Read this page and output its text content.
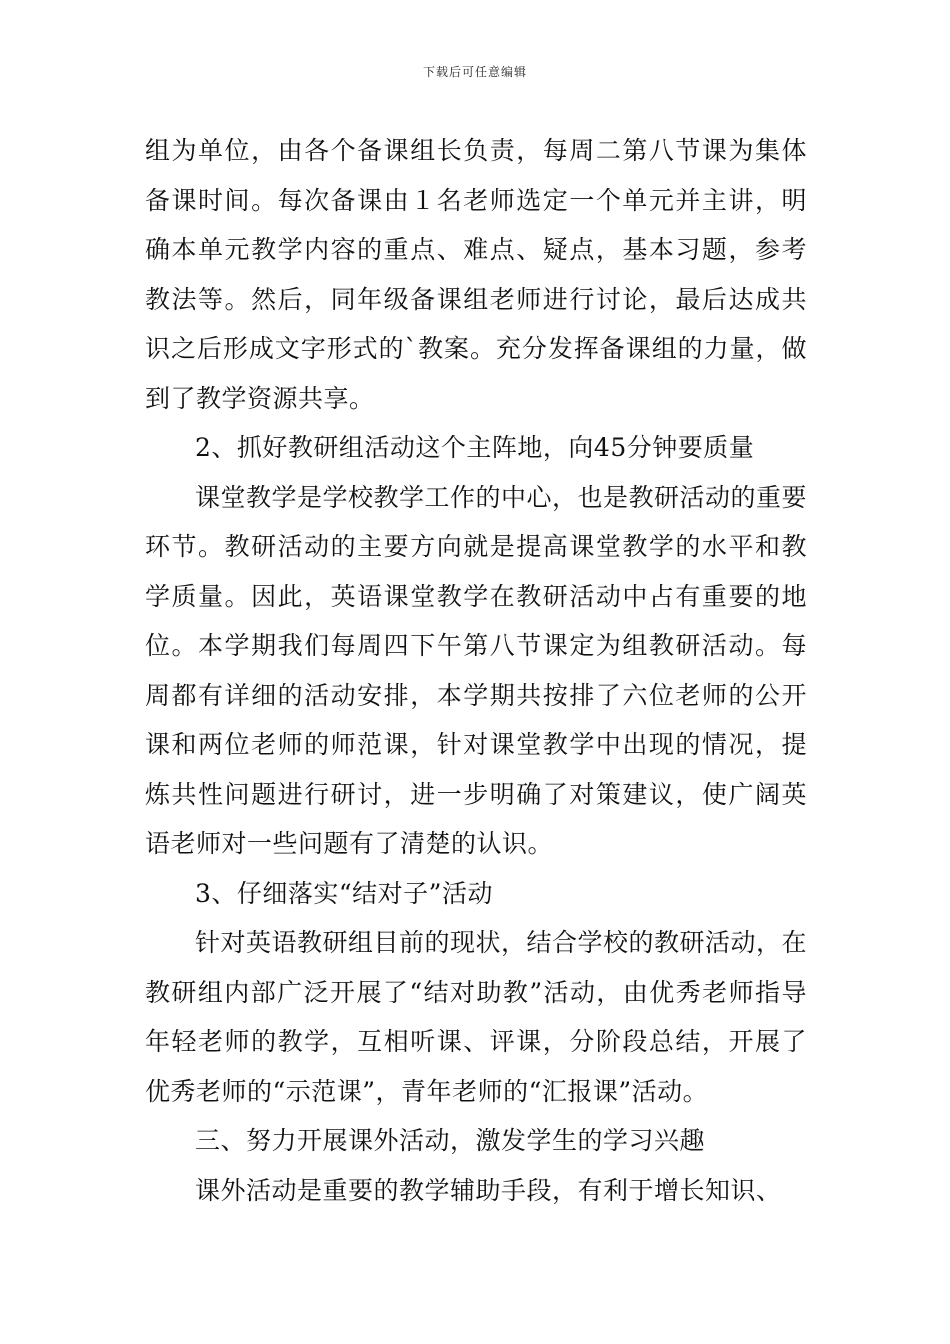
下载后可任意编辑

组为单位，由各个备课组长负责，每周二第八节课为集体备课时间。每次备课由１名老师选定一个单元并主讲，明确本单元教学内容的重点、难点、疑点，基本习题，参考教法等。然后，同年级备课组老师进行讨论，最后达成共识之后形成文字形式的`教案。充分发挥备课组的力量，做到了教学资源共享。

2、抓好教研组活动这个主阵地，向45分钟要质量

课堂教学是学校教学工作的中心，也是教研活动的重要环节。教研活动的主要方向就是提高课堂教学的水平和教学质量。因此，英语课堂教学在教研活动中占有重要的地位。本学期我们每周四下午第八节课定为组教研活动。每周都有详细的活动安排，本学期共按排了六位老师的公开课和两位老师的师范课，针对课堂教学中出现的情况，提炼共性问题进行研讨，进一步明确了对策建议，使广阔英语老师对一些问题有了清楚的认识。

3、仔细落实“结对子”活动

针对英语教研组目前的现状，结合学校的教研活动，在教研组内部广泛开展了“结对助教”活动，由优秀老师指导年轻老师的教学，互相听课、评课，分阶段总结，开展了优秀老师的“示范课”，青年老师的“汇报课”活动。

三、努力开展课外活动，激发学生的学习兴趣

课外活动是重要的教学辅助手段，有利于增长知识、
